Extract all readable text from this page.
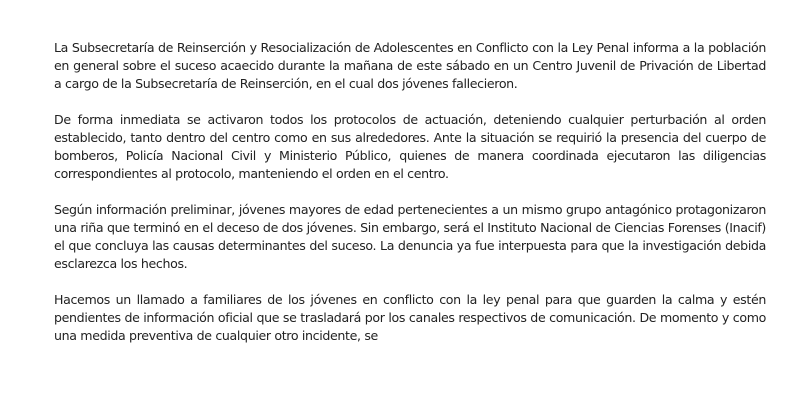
La Subsecretaría de Reinserción y Resocialización de Adolescentes en Conflicto con la Ley Penal informa a la población en general sobre el suceso acaecido durante la mañana de este sábado en un Centro Juvenil de Privación de Libertad a cargo de la Subsecretaría de Reinserción, en el cual dos jóvenes fallecieron.

De forma inmediata se activaron todos los protocolos de actuación, deteniendo cualquier perturbación al orden establecido, tanto dentro del centro como en sus alrededores. Ante la situación se requirió la presencia del cuerpo de bomberos, Policía Nacional Civil y Ministerio Público, quienes de manera coordinada ejecutaron las diligencias correspondientes al protocolo, manteniendo el orden en el centro.

Según información preliminar, jóvenes mayores de edad pertenecientes a un mismo grupo antagónico protagonizaron una riña que terminó en el deceso de dos jóvenes. Sin embargo, será el Instituto Nacional de Ciencias Forenses (Inacif) el que concluya las causas determinantes del suceso. La denuncia ya fue interpuesta para que la investigación debida esclarezca los hechos.

Hacemos un llamado a familiares de los jóvenes en conflicto con la ley penal para que guarden la calma y estén pendientes de información oficial que se trasladará por los canales respectivos de comunicación. De momento y como una medida preventiva de cualquier otro incidente, se
